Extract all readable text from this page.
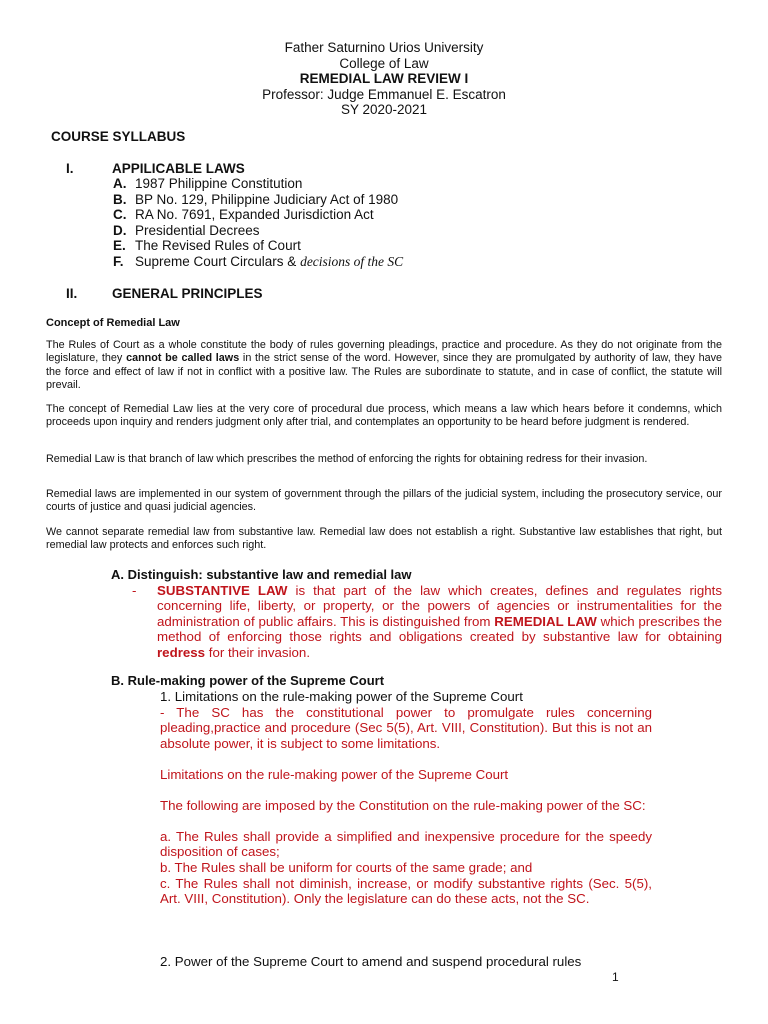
Father Saturnino Urios University
College of Law
REMEDIAL LAW REVIEW I
Professor: Judge Emmanuel E. Escatron
SY 2020-2021
COURSE SYLLABUS
I.	APPILICABLE LAWS
A. 1987 Philippine Constitution
B. BP No. 129, Philippine Judiciary Act of 1980
C. RA No. 7691, Expanded Jurisdiction Act
D. Presidential Decrees
E. The Revised Rules of Court
F. Supreme Court Circulars & decisions of the SC
II.	GENERAL PRINCIPLES
Concept of Remedial Law
The Rules of Court as a whole constitute the body of rules governing pleadings, practice and procedure. As they do not originate from the legislature, they cannot be called laws in the strict sense of the word. However, since they are promulgated by authority of law, they have the force and effect of law if not in conflict with a positive law. The Rules are subordinate to statute, and in case of conflict, the statute will prevail.
The concept of Remedial Law lies at the very core of procedural due process, which means a law which hears before it condemns, which proceeds upon inquiry and renders judgment only after trial, and contemplates an opportunity to be heard before judgment is rendered.
Remedial Law is that branch of law which prescribes the method of enforcing the rights for obtaining redress for their invasion.
Remedial laws are implemented in our system of government through the pillars of the judicial system, including the prosecutory service, our courts of justice and quasi judicial agencies.
We cannot separate remedial law from substantive law. Remedial law does not establish a right. Substantive law establishes that right, but remedial law protects and enforces such right.
A. Distinguish: substantive law and remedial law
- SUBSTANTIVE LAW is that part of the law which creates, defines and regulates rights concerning life, liberty, or property, or the powers of agencies or instrumentalities for the administration of public affairs. This is distinguished from REMEDIAL LAW which prescribes the method of enforcing those rights and obligations created by substantive law for obtaining redress for their invasion.
B. Rule-making power of the Supreme Court
1. Limitations on the rule-making power of the Supreme Court
- The SC has the constitutional power to promulgate rules concerning pleading,practice and procedure (Sec 5(5), Art. VIII, Constitution). But this is not an absolute power, it is subject to some limitations.
Limitations on the rule-making power of the Supreme Court
The following are imposed by the Constitution on the rule-making power of the SC:
a. The Rules shall provide a simplified and inexpensive procedure for the speedy disposition of cases;
b. The Rules shall be uniform for courts of the same grade; and
c. The Rules shall not diminish, increase, or modify substantive rights (Sec. 5(5), Art. VIII, Constitution). Only the legislature can do these acts, not the SC.
2. Power of the Supreme Court to amend and suspend procedural rules
1
